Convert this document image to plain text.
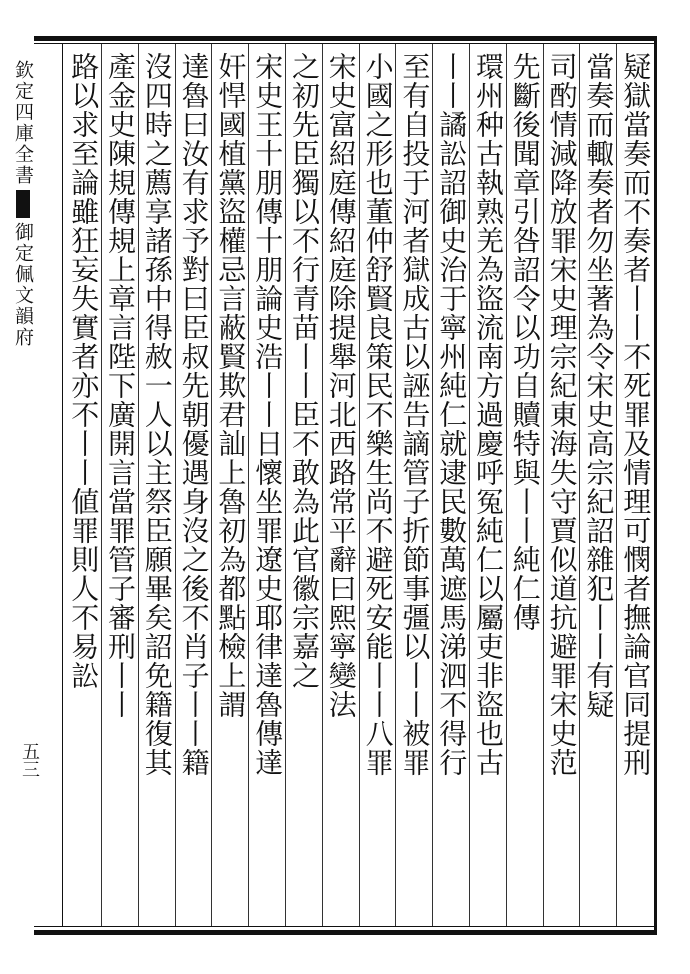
欽定四庫全書御定佩文韻府
五三	疑獄當奏而不奏者丨丨不死罪及情理可憫者撫論官同提刑
當奏而輙奏者勿坐著為令宋史高宗紀詔雜犯丨丨有疑
司酌情減降放罪宋史理宗紀東海失守賈似道抗避罪宋史范
先斷後聞章引咎詔令以功自贖特與丨丨純仁傳
環州种古執熟羌為盜流南方過慶呼冤純仁以屬吏非盜也古
丨丨譎訟詔御史治于寧州純仁就逮民數萬遮馬涕泗不得行
至有自投于河者獄成古以誣告謫管子折節事彊以丨丨被罪
小國之形也董仲舒賢良策民不樂生尚不避死安能丨丨八罪
宋史富紹庭傳紹庭除提舉河北西路常平辭曰熙寧變法
之初先臣獨以不行青苗丨丨臣不敢為此官徽宗嘉之
宋史王十朋傳十朋論史浩丨丨日懷坐罪遼史耶律達魯傳達
奸悍國植黨盜權忌言蔽賢欺君訕上魯初為都點檢上謂
達魯曰汝有求予對曰臣叔先朝優遇身沒之後不肖子丨丨籍
沒四時之薦享諸孫中得赦一人以主祭臣願畢矣詔免籍復其
產金史陳規傳規上章言陛下廣開言當罪管子審刑丨丨
路以求至論雖狂妄失實者亦不丨丨値罪則人不易訟
